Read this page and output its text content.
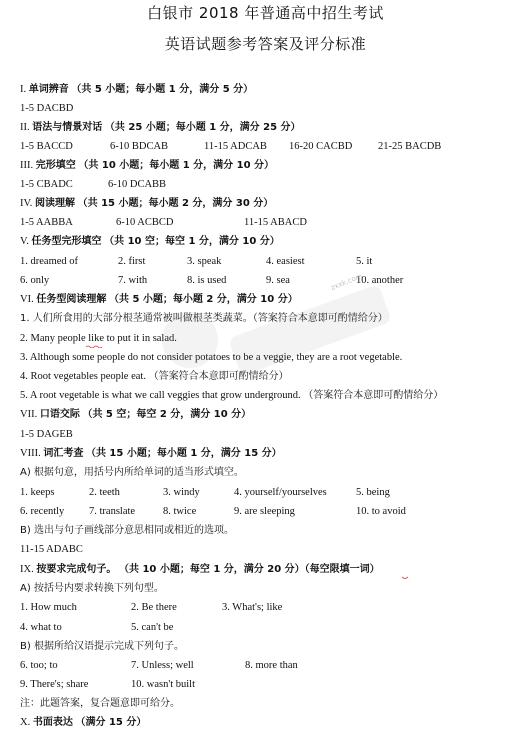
白银市 2018 年普通高中招生考试
英语试题参考答案及评分标准
I. 单词辨音 （共 5 小题；每小题 1 分，满分 5 分）
1-5 DACBD
II. 语法与情景对话 （共 25 小题；每小题 1 分，满分 25 分）
1-5 BACCD	6-10 BDCAB	11-15 ADCAB 16-20 CACBD 21-25 BACDB
III. 完形填空 （共 10 小题；每小题 1 分，满分 10 分）
1-5 CBADC	6-10 DCABB
IV. 阅读理解 （共 15 小题；每小题 2 分，满分 30 分）
1-5 AABBA	6-10 ACBCD	11-15 ABACD
V. 任务型完形填空 （共 10 空；每空 1 分，满分 10 分）
1. dreamed of	2. first	3. speak	4. easiest	5. it
6. only	7. with	8. is used	9. sea	10. another
VI. 任务型阅读理解 （共 5 小题；每小题 2 分，满分 10 分）
1. 人们所食用的大部分根茎通常被叫做根茎类蔬菜。（答案符合本意即可酌情给分）
2. Many people like to put it in salad.
3. Although some people do not consider potatoes to be a veggie, they are a root vegetable.
4. Root vegetables people eat. （答案符合本意即可酌情给分）
5. A root vegetable is what we call veggies that grow underground. （答案符合本意即可酌情给分）
VII. 口语交际 （共 5 空；每空 2 分，满分 10 分）
1-5 DAGEB
VIII. 词汇考查 （共 15 小题；每小题 1 分，满分 15 分）
A) 根据句意，用括号内所给单词的适当形式填空。
1. keeps	2. teeth	3. windy	4. yourself/yourselves	5. being
6. recently 7. translate	8. twice	9. are sleeping	10. to avoid
B) 选出与句子画线部分意思相同或相近的选项。
11-15 ADABC
IX. 按要求完成句子。 （共 10 小题；每空 1 分，满分 20 分）（每空限填一词）
A) 按括号内要求转换下列句型。
1. How much	2. Be there	3. What's; like
4. what to	5. can't be
B) 根据所给汉语提示完成下列句子。
6. too; to	7. Unless; well	8. more than
9. There's; share	10. wasn't built
注：此题答案，复合题意即可给分。
X. 书面表达 （满分 15 分）
zxxk.com
